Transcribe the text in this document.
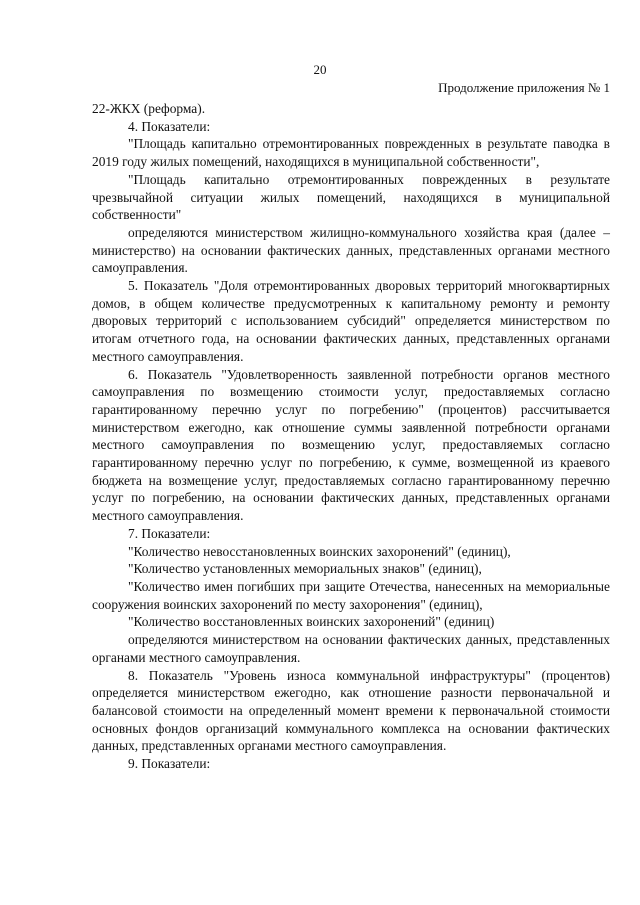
20
Продолжение приложения № 1

22-ЖКХ (реформа).

4. Показатели:

"Площадь капитально отремонтированных поврежденных в результате паводка в 2019 году жилых помещений, находящихся в муниципальной собственности",

"Площадь капитально отремонтированных поврежденных в результате чрезвычайной ситуации жилых помещений, находящихся в муниципальной собственности"

определяются министерством жилищно-коммунального хозяйства края (далее – министерство) на основании фактических данных, представленных органами местного самоуправления.

5. Показатель "Доля отремонтированных дворовых территорий многоквартирных домов, в общем количестве предусмотренных к капитальному ремонту и ремонту дворовых территорий с использованием субсидий" определяется министерством по итогам отчетного года, на основании фактических данных, представленных органами местного самоуправления.

6. Показатель "Удовлетворенность заявленной потребности органов местного самоуправления по возмещению стоимости услуг, предоставляемых согласно гарантированному перечню услуг по погребению" (процентов) рассчитывается министерством ежегодно, как отношение суммы заявленной потребности органами местного самоуправления по возмещению услуг, предоставляемых согласно гарантированному перечню услуг по погребению, к сумме, возмещенной из краевого бюджета на возмещение услуг, предоставляемых согласно гарантированному перечню услуг по погребению, на основании фактических данных, представленных органами местного самоуправления.

7. Показатели:

"Количество невосстановленных воинских захоронений" (единиц),

"Количество установленных мемориальных знаков" (единиц),

"Количество имен погибших при защите Отечества, нанесенных на мемориальные сооружения воинских захоронений по месту захоронения" (единиц),

"Количество восстановленных воинских захоронений" (единиц)

определяются министерством на основании фактических данных, представленных органами местного самоуправления.

8. Показатель "Уровень износа коммунальной инфраструктуры" (процентов) определяется министерством ежегодно, как отношение разности первоначальной и балансовой стоимости на определенный момент времени к первоначальной стоимости основных фондов организаций коммунального комплекса на основании фактических данных, представленных органами местного самоуправления.

9. Показатели:
